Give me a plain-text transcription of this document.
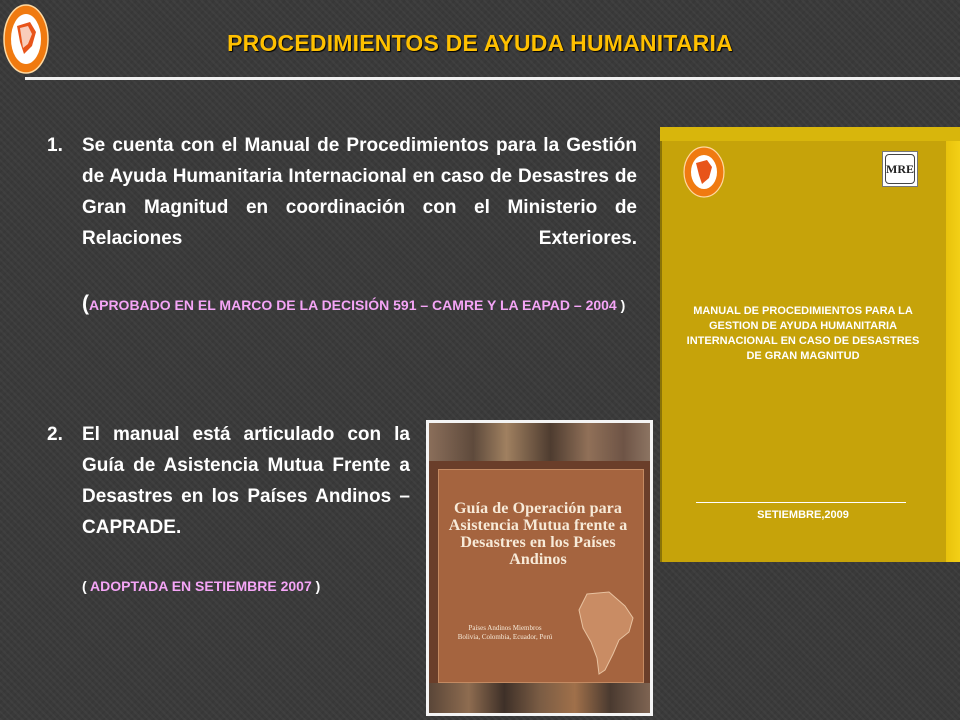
PROCEDIMIENTOS DE AYUDA HUMANITARIA
1. Se cuenta con el Manual de Procedimientos para la Gestión de Ayuda Humanitaria Internacional en caso de Desastres de Gran Magnitud en coordinación con el Ministerio de Relaciones Exteriores.
(APROBADO EN EL MARCO DE LA DECISIÓN 591 – CAMRE Y LA EAPAD – 2004 )
2. El manual está articulado con la Guía de Asistencia Mutua Frente a Desastres en los Países Andinos – CAPRADE.
( ADOPTADA EN SETIEMBRE 2007 )
MRE
MANUAL DE PROCEDIMIENTOS PARA LA GESTION DE AYUDA HUMANITARIA INTERNACIONAL EN CASO DE DESASTRES DE GRAN MAGNITUD
SETIEMBRE,2009
Guía de Operación para Asistencia Mutua frente a Desastres en los Países Andinos
Países Andinos Miembros
Bolivia, Colombia, Ecuador, Perú
